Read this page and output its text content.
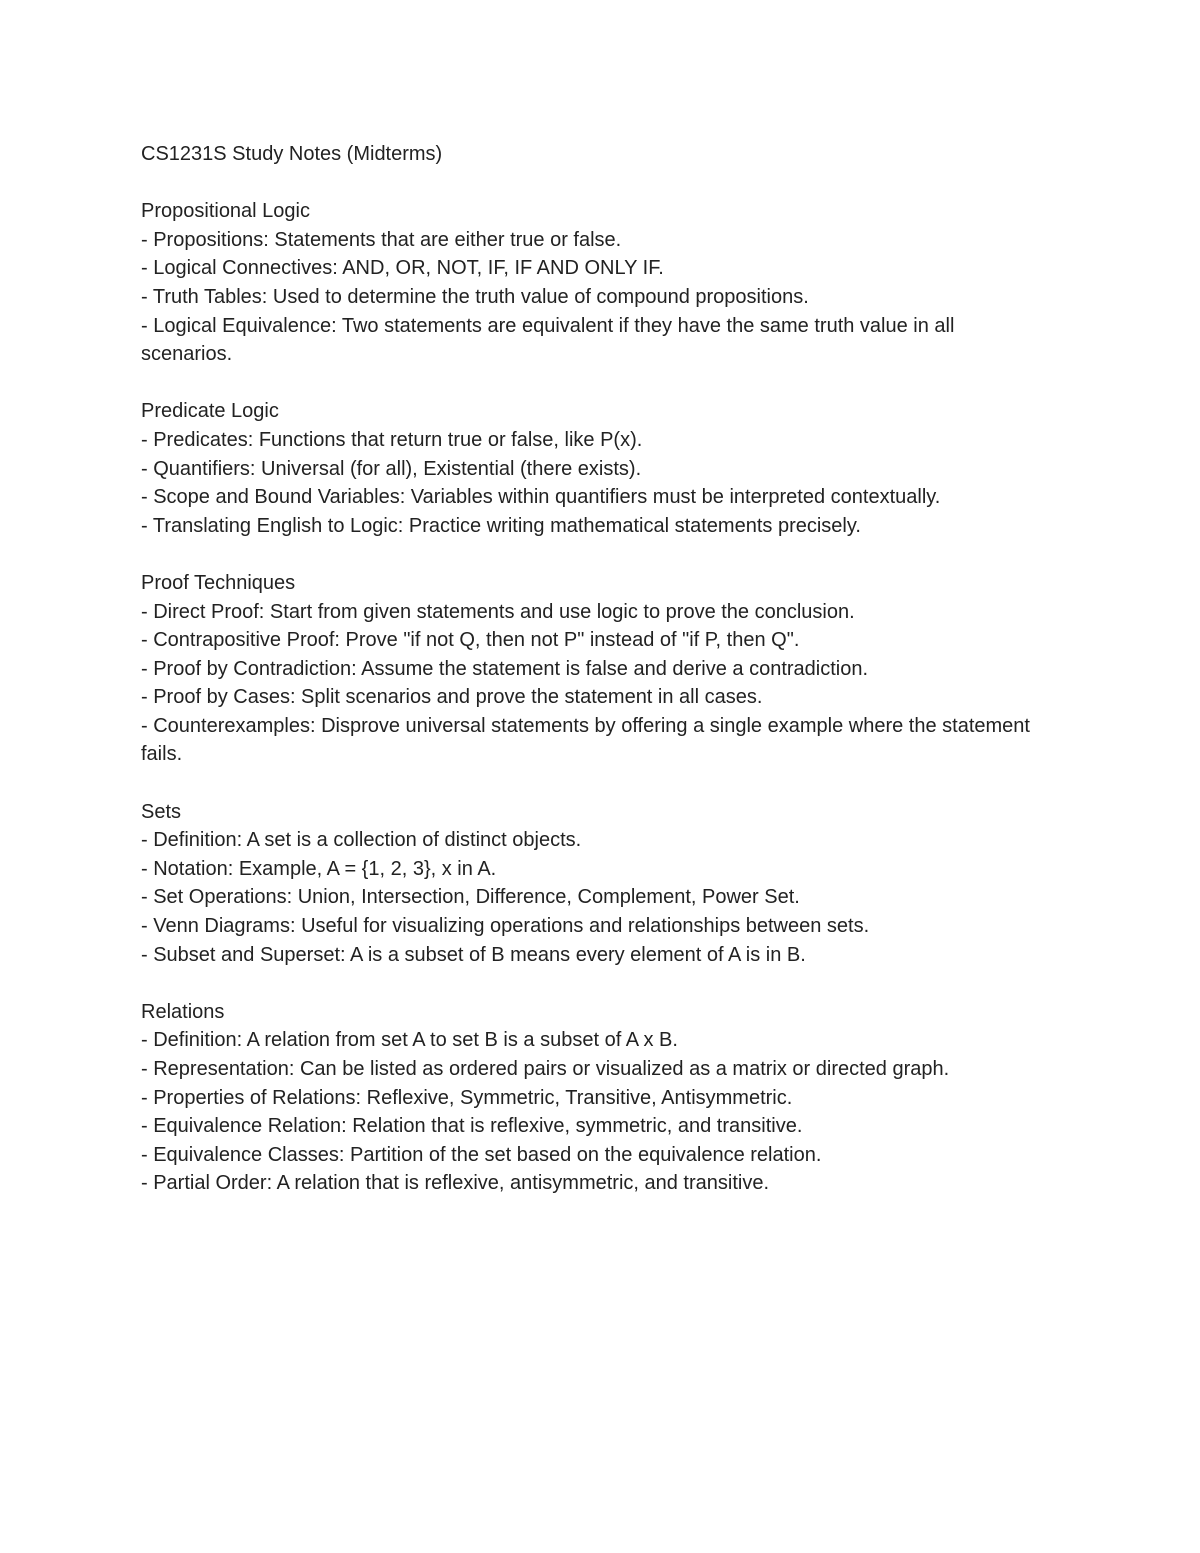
CS1231S Study Notes (Midterms)
Propositional Logic
- Propositions: Statements that are either true or false.
- Logical Connectives: AND, OR, NOT, IF, IF AND ONLY IF.
- Truth Tables: Used to determine the truth value of compound propositions.
- Logical Equivalence: Two statements are equivalent if they have the same truth value in all scenarios.
Predicate Logic
- Predicates: Functions that return true or false, like P(x).
- Quantifiers: Universal (for all), Existential (there exists).
- Scope and Bound Variables: Variables within quantifiers must be interpreted contextually.
- Translating English to Logic: Practice writing mathematical statements precisely.
Proof Techniques
- Direct Proof: Start from given statements and use logic to prove the conclusion.
- Contrapositive Proof: Prove "if not Q, then not P" instead of "if P, then Q".
- Proof by Contradiction: Assume the statement is false and derive a contradiction.
- Proof by Cases: Split scenarios and prove the statement in all cases.
- Counterexamples: Disprove universal statements by offering a single example where the statement fails.
Sets
- Definition: A set is a collection of distinct objects.
- Notation: Example, A = {1, 2, 3}, x in A.
- Set Operations: Union, Intersection, Difference, Complement, Power Set.
- Venn Diagrams: Useful for visualizing operations and relationships between sets.
- Subset and Superset: A is a subset of B means every element of A is in B.
Relations
- Definition: A relation from set A to set B is a subset of A x B.
- Representation: Can be listed as ordered pairs or visualized as a matrix or directed graph.
- Properties of Relations: Reflexive, Symmetric, Transitive, Antisymmetric.
- Equivalence Relation: Relation that is reflexive, symmetric, and transitive.
- Equivalence Classes: Partition of the set based on the equivalence relation.
- Partial Order: A relation that is reflexive, antisymmetric, and transitive.
